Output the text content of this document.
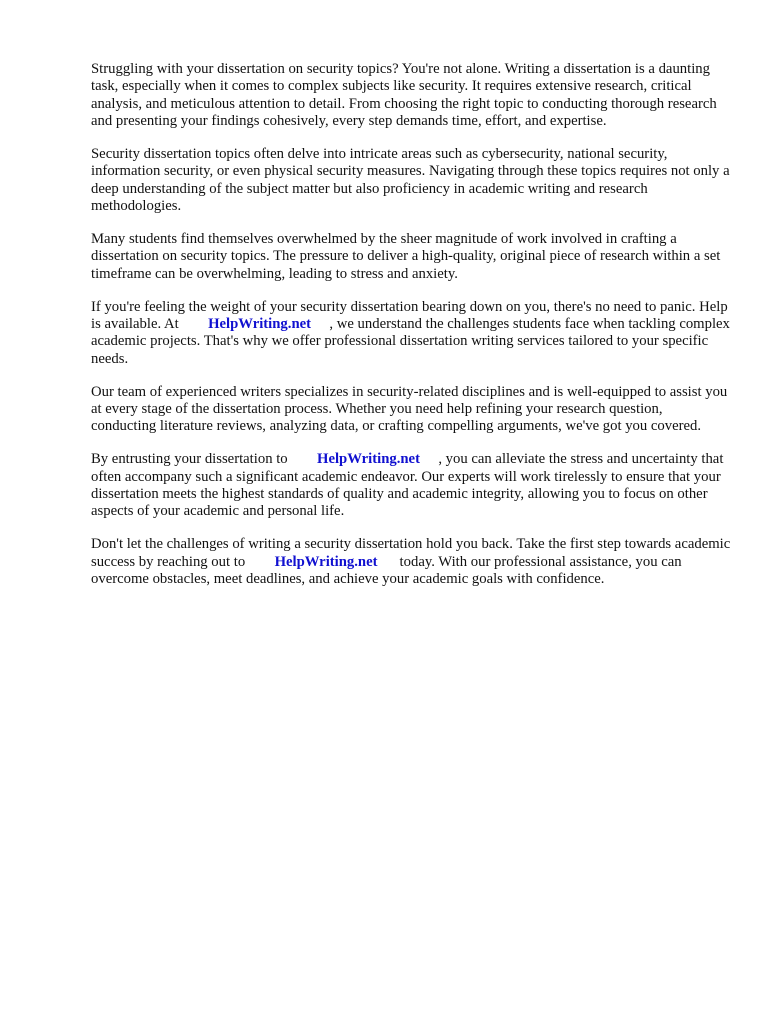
Struggling with your dissertation on security topics? You're not alone. Writing a dissertation is a daunting task, especially when it comes to complex subjects like security. It requires extensive research, critical analysis, and meticulous attention to detail. From choosing the right topic to conducting thorough research and presenting your findings cohesively, every step demands time, effort, and expertise.

Security dissertation topics often delve into intricate areas such as cybersecurity, national security, information security, or even physical security measures. Navigating through these topics requires not only a deep understanding of the subject matter but also proficiency in academic writing and research methodologies.

Many students find themselves overwhelmed by the sheer magnitude of work involved in crafting a dissertation on security topics. The pressure to deliver a high-quality, original piece of research within a set timeframe can be overwhelming, leading to stress and anxiety.

If you're feeling the weight of your security dissertation bearing down on you, there's no need to panic. Help is available. At HelpWriting.net , we understand the challenges students face when tackling complex academic projects. That's why we offer professional dissertation writing services tailored to your specific needs.

Our team of experienced writers specializes in security-related disciplines and is well-equipped to assist you at every stage of the dissertation process. Whether you need help refining your research question, conducting literature reviews, analyzing data, or crafting compelling arguments, we've got you covered.

By entrusting your dissertation to HelpWriting.net , you can alleviate the stress and uncertainty that often accompany such a significant academic endeavor. Our experts will work tirelessly to ensure that your dissertation meets the highest standards of quality and academic integrity, allowing you to focus on other aspects of your academic and personal life.

Don't let the challenges of writing a security dissertation hold you back. Take the first step towards academic success by reaching out to HelpWriting.net today. With our professional assistance, you can overcome obstacles, meet deadlines, and achieve your academic goals with confidence.
